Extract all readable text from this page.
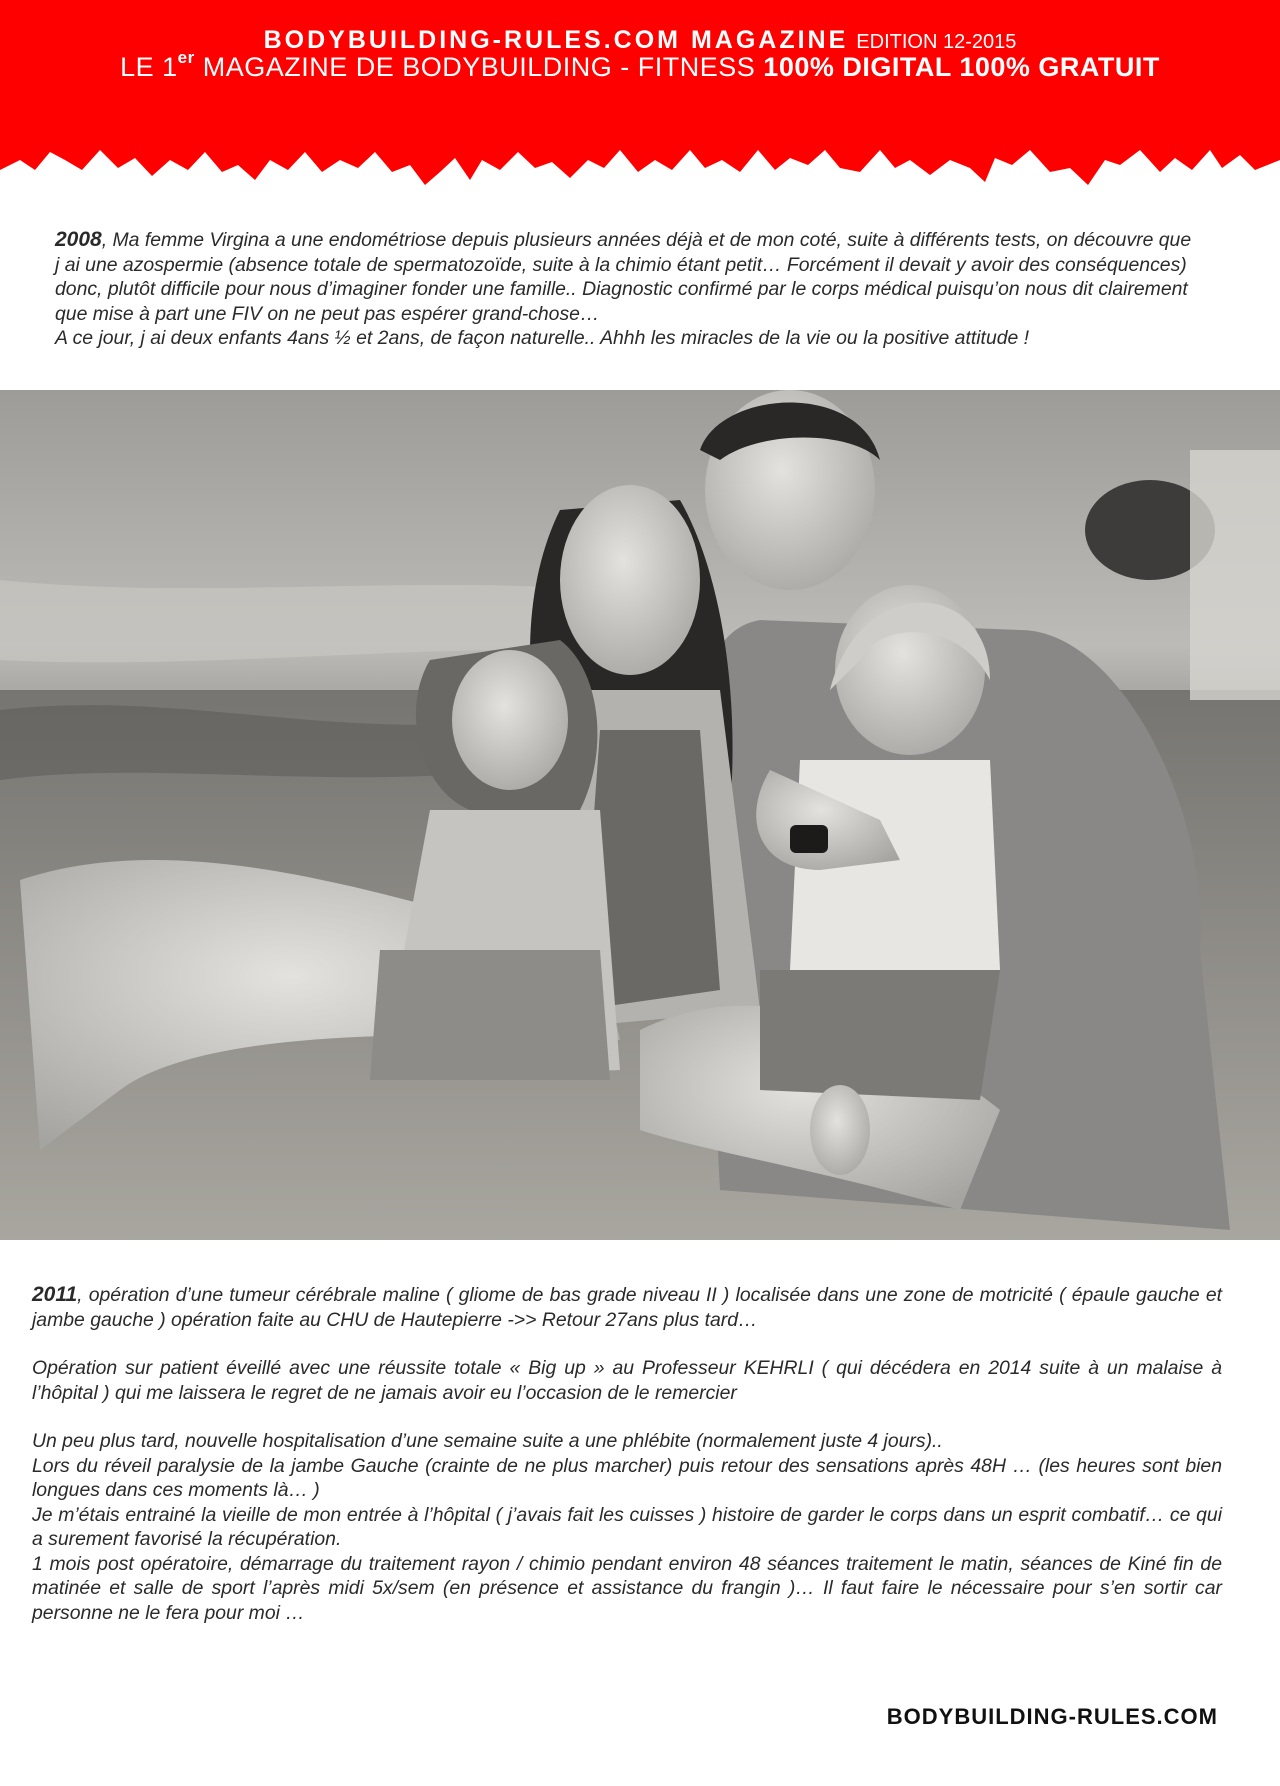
BODYBUILDING-RULES.COM MAGAZINE EDITION 12-2015
LE 1er MAGAZINE DE BODYBUILDING - FITNESS 100% DIGITAL 100% GRATUIT

2008, Ma femme Virgina a une endométriose depuis plusieurs années déjà et de mon coté, suite à différents tests, on découvre que j ai une azospermie (absence totale de spermatozoïde, suite à la chimio étant petit… Forcément il devait y avoir des conséquences) donc, plutôt difficile pour nous d’imaginer fonder une famille.. Diagnostic confirmé par le corps médical puisqu’on nous dit clairement que mise à part une FIV on ne peut pas espérer grand-chose…

A ce jour, j ai deux enfants 4ans ½ et 2ans, de façon naturelle.. Ahhh les miracles de la vie ou la positive attitude !

2011, opération d’une tumeur cérébrale maline ( gliome de bas grade niveau II ) localisée dans une zone de motricité ( épaule gauche et jambe gauche ) opération faite au CHU de Hautepierre ->> Retour 27ans plus tard…

Opération sur patient éveillé avec une réussite totale « Big up » au Professeur KEHRLI ( qui décédera en 2014 suite à un malaise à l’hôpital ) qui me laissera le regret de ne jamais avoir eu l’occasion de le remercier

Un peu plus tard, nouvelle hospitalisation d’une semaine suite a une phlébite (normalement juste 4 jours)..

Lors du réveil paralysie de la jambe Gauche (crainte de ne plus marcher) puis retour des sensations après 48H … (les heures sont bien longues dans ces moments là… )

Je m’étais entrainé la vieille de mon entrée à l’hôpital ( j’avais fait les cuisses ) histoire de garder le corps dans un esprit combatif… ce qui a surement favorisé la récupération.

1 mois post opératoire, démarrage du traitement rayon / chimio pendant environ 48 séances traitement le matin, séances de Kiné fin de matinée et salle de sport l’après midi 5x/sem (en présence et assistance du frangin )… Il faut faire le nécessaire pour s’en sortir car personne ne le fera pour moi …

BODYBUILDING-RULES.COM
